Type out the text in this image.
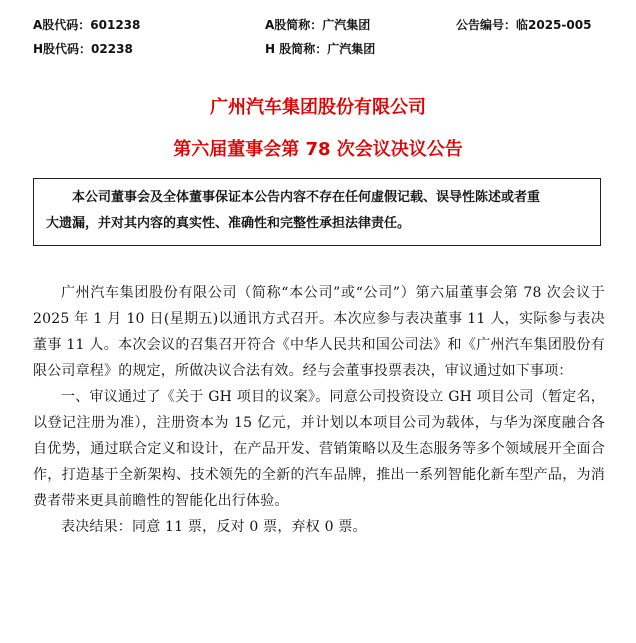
A股代码：601238
H股代码：02238
A股简称：广汽集团
H 股简称：广汽集团
公告编号：临2025-005
广州汽车集团股份有限公司
第六届董事会第 78 次会议决议公告
本公司董事会及全体董事保证本公告内容不存在任何虚假记载、误导性陈述或者重
大遗漏，并对其内容的真实性、准确性和完整性承担法律责任。

广州汽车集团股份有限公司（简称“本公司”或“公司”）第六届董事会第 78 次会议于 2025 年 1 月 10 日(星期五)以通讯方式召开。本次应参与表决董事 11 人，实际参与表决董事 11 人。本次会议的召集召开符合《中华人民共和国公司法》和《广州汽车集团股份有限公司章程》的规定，所做决议合法有效。经与会董事投票表决，审议通过如下事项：

一、审议通过了《关于 GH 项目的议案》。同意公司投资设立 GH 项目公司（暂定名，以登记注册为准），注册资本为 15 亿元，并计划以本项目公司为载体，与华为深度融合各自优势，通过联合定义和设计，在产品开发、营销策略以及生态服务等多个领域展开全面合作，打造基于全新架构、技术领先的全新的汽车品牌，推出一系列智能化新车型产品，为消费者带来更具前瞻性的智能化出行体验。

表决结果：同意 11 票，反对 0 票，弃权 0 票。
